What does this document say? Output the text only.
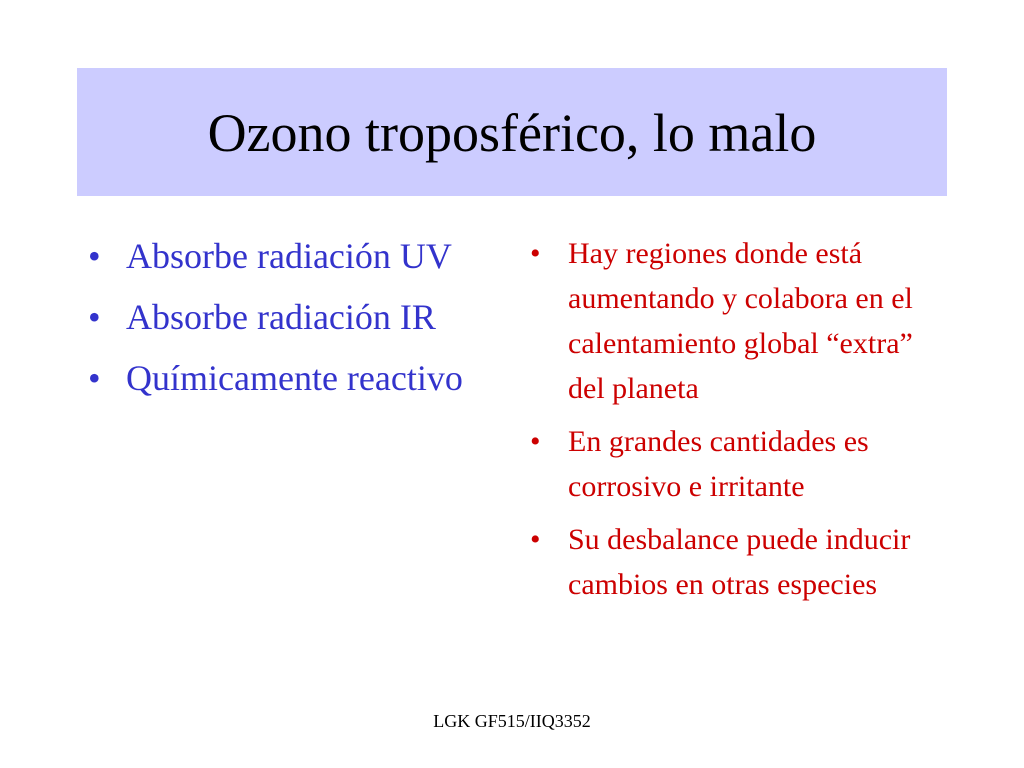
Ozono troposférico, lo malo
• Absorbe radiación UV
• Absorbe radiación IR
• Químicamente reactivo
• Hay regiones donde está aumentando y colabora en el calentamiento global “extra” del planeta
• En grandes cantidades es corrosivo e irritante
• Su desbalance puede inducir cambios en otras especies
LGK GF515/IIQ3352
